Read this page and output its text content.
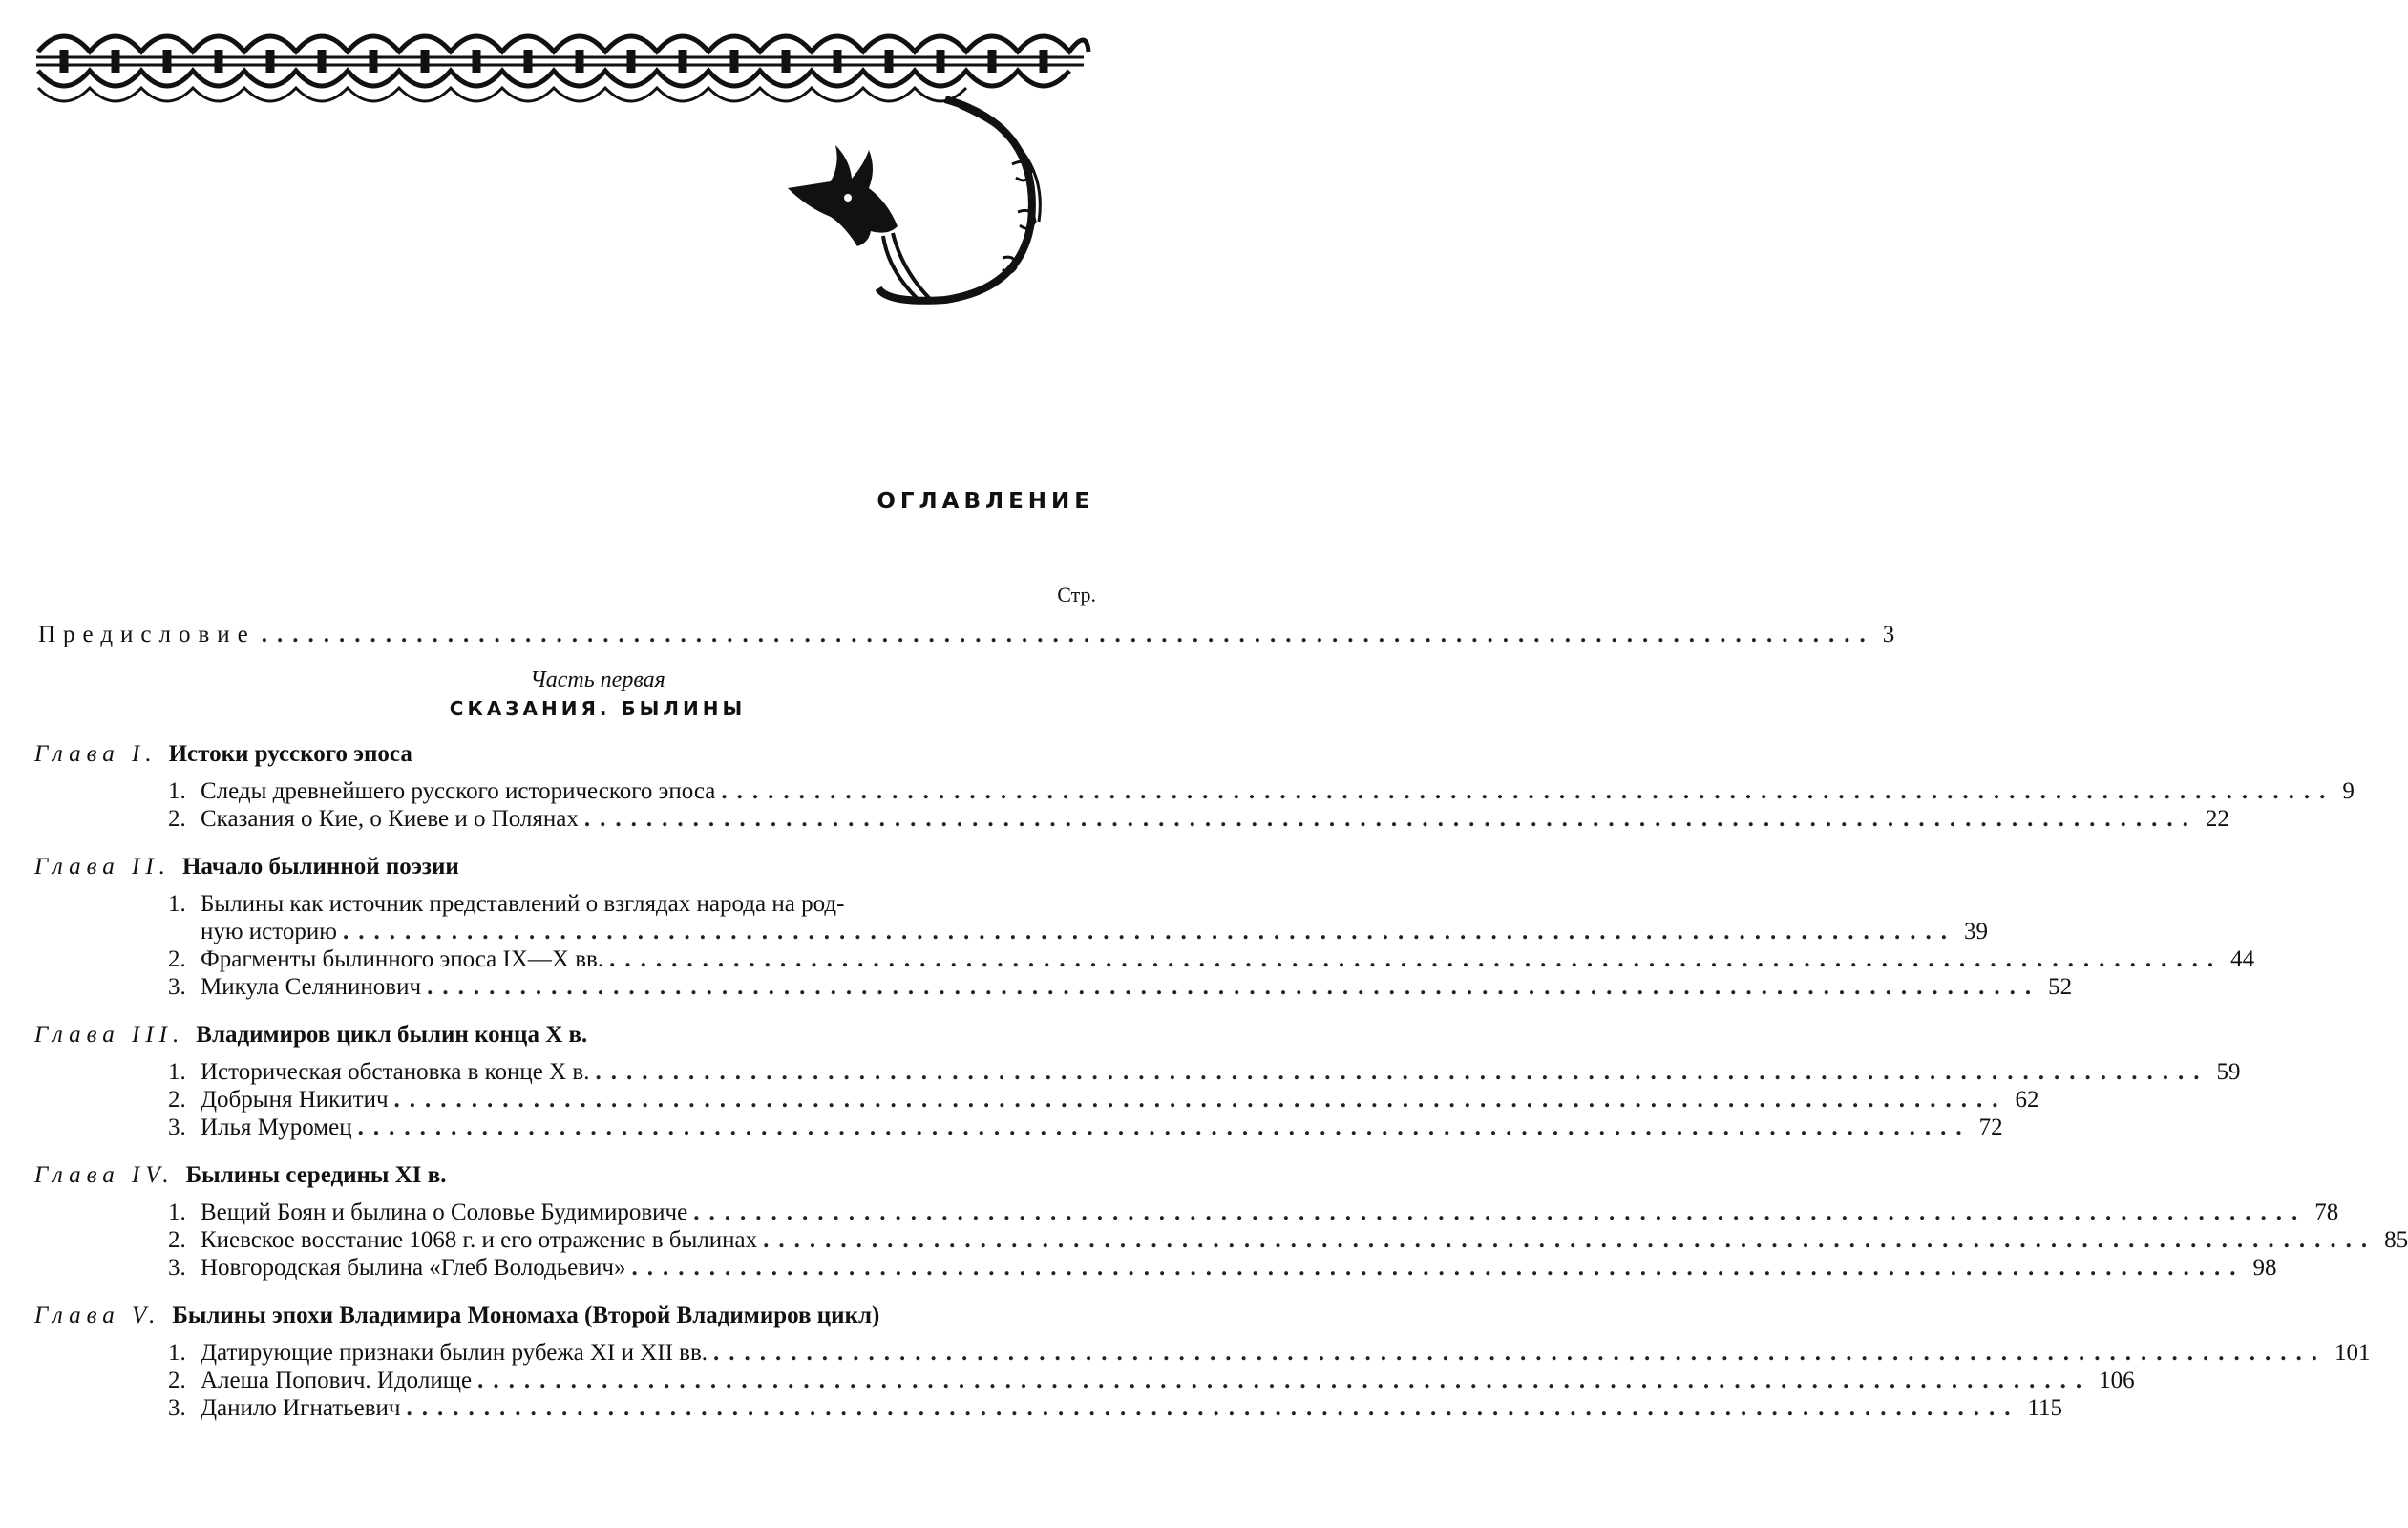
ОГЛАВЛЕНИЕ
Стр.
Предисловие ........................................................................................................ 3
Часть первая
СКАЗАНИЯ. БЫЛИНЫ
Глава I. Истоки русского эпоса
1. Следы древнейшего русского исторического эпоса ........................................................................................................ 9
2. Сказания о Кие, о Киеве и о Полянах ........................................................................................................ 22
Глава II. Начало былинной поэзии
1. Былины как источник представлений о взглядах народа на род-
ную историю ........................................................................................................ 39
2. Фрагменты былинного эпоса IX—X вв. ........................................................................................................ 44
3. Микула Селянинович ........................................................................................................ 52
Глава III. Владимиров цикл былин конца X в.
1. Историческая обстановка в конце X в. ........................................................................................................ 59
2. Добрыня Никитич ........................................................................................................ 62
3. Илья Муромец ........................................................................................................ 72
Глава IV. Былины середины XI в.
1. Вещий Боян и былина о Соловье Будимировиче ........................................................................................................ 78
2. Киевское восстание 1068 г. и его отражение в былинах ........................................................................................................ 85
3. Новгородская былина «Глеб Володьевич» ........................................................................................................ 98
Глава V. Былины эпохи Владимира Мономаха (Второй Владимиров цикл)
1. Датирующие признаки былин рубежа XI и XII вв. ........................................................................................................ 101
2. Алеша Попович. Идолище ........................................................................................................ 106
3. Данило Игнатьевич ........................................................................................................ 115
